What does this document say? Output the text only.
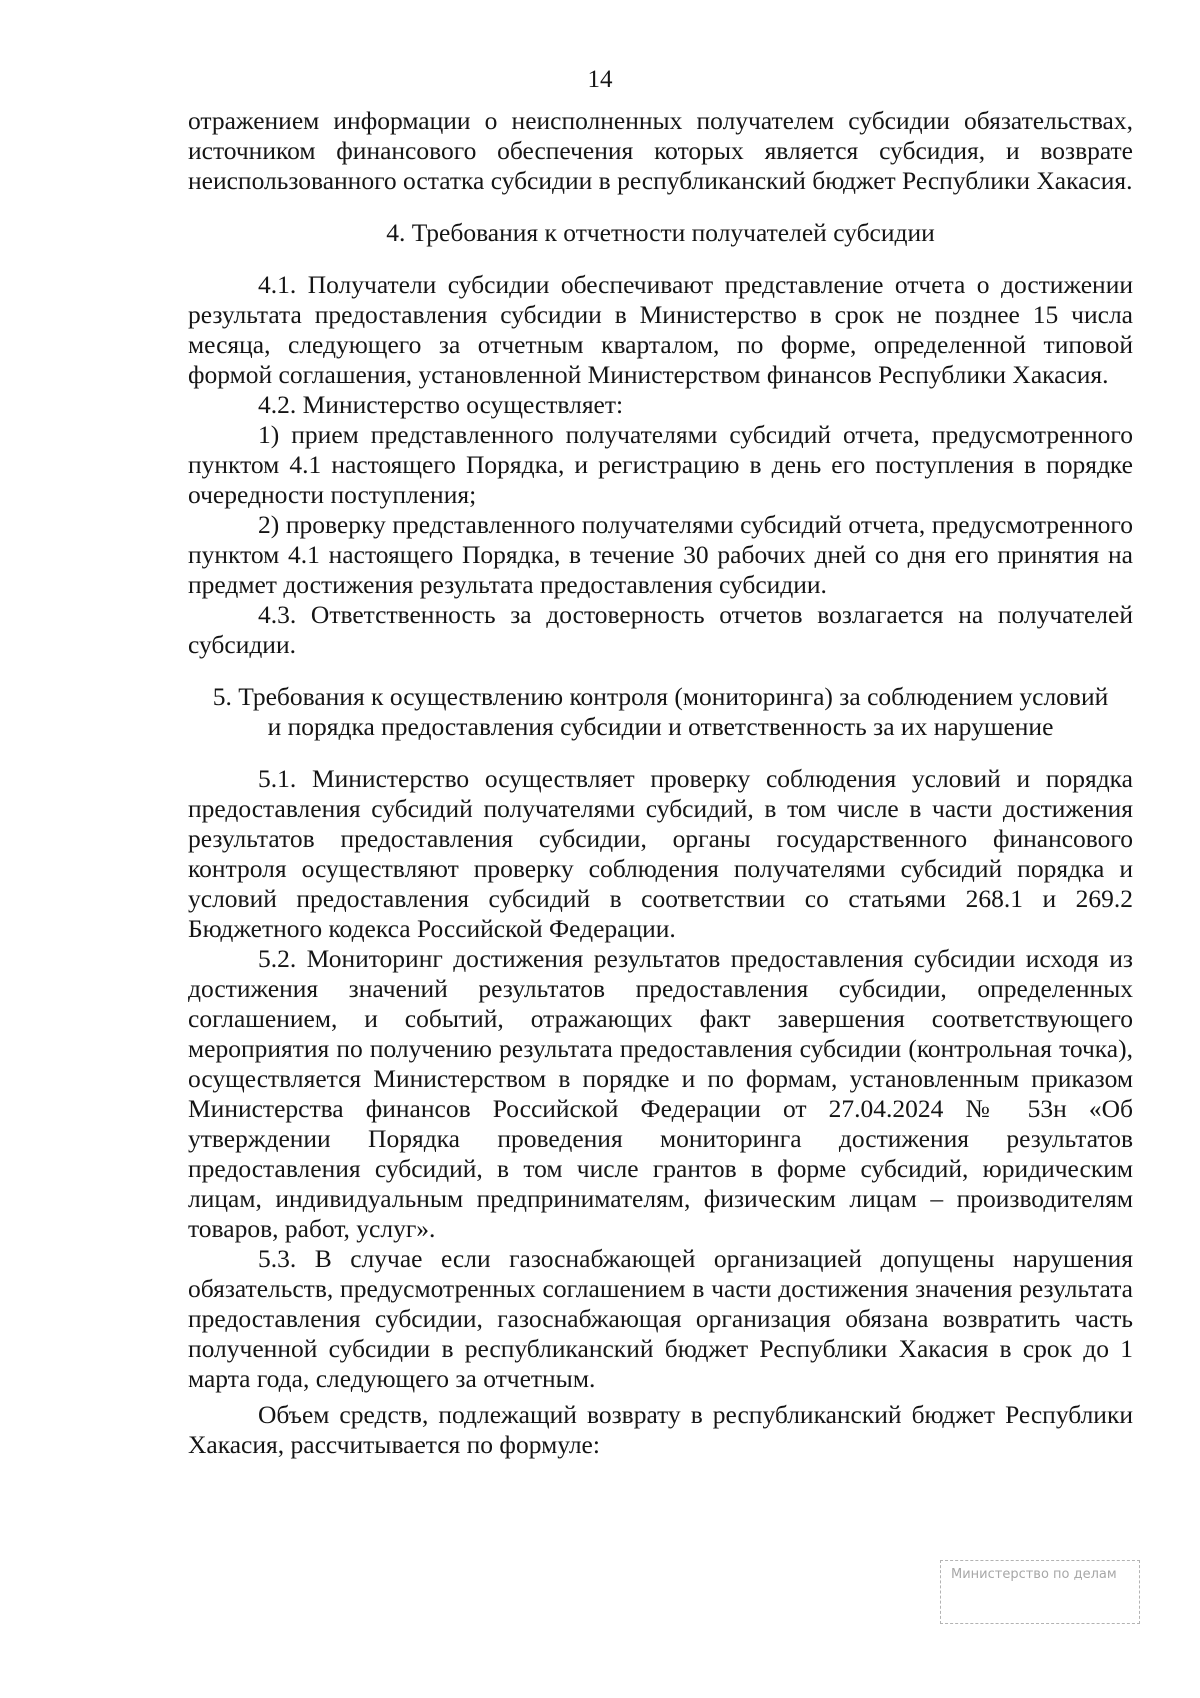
14

отражением информации о неисполненных получателем субсидии обязательствах, источником финансового обеспечения которых является субсидия, и возврате неиспользованного остатка субсидии в республиканский бюджет Республики Хакасия.

4. Требования к отчетности получателей субсидии

4.1. Получатели субсидии обеспечивают представление отчета о достижении результата предоставления субсидии в Министерство в срок не позднее 15 числа месяца, следующего за отчетным кварталом, по форме, определенной типовой формой соглашения, установленной Министерством финансов Республики Хакасия.

4.2. Министерство осуществляет:

1) прием представленного получателями субсидий отчета, предусмотренного пунктом 4.1 настоящего Порядка, и регистрацию в день его поступления в порядке очередности поступления;

2) проверку представленного получателями субсидий отчета, предусмотренного пунктом 4.1 настоящего Порядка, в течение 30 рабочих дней со дня его принятия на предмет достижения результата предоставления субсидии.

4.3. Ответственность за достоверность отчетов возлагается на получателей субсидии.

5. Требования к осуществлению контроля (мониторинга) за соблюдением условий
и порядка предоставления субсидии и ответственность за их нарушение

5.1. Министерство осуществляет проверку соблюдения условий и порядка предоставления субсидий получателями субсидий, в том числе в части достижения результатов предоставления субсидии, органы государственного финансового контроля осуществляют проверку соблюдения получателями субсидий порядка и условий предоставления субсидий в соответствии со статьями 268.1 и 269.2 Бюджетного кодекса Российской Федерации.

5.2. Мониторинг достижения результатов предоставления субсидии исходя из достижения значений результатов предоставления субсидии, определенных соглашением, и событий, отражающих факт завершения соответствующего мероприятия по получению результата предоставления субсидии (контрольная точка), осуществляется Министерством в порядке и по формам, установленным приказом Министерства финансов Российской Федерации от 27.04.2024 № 53н «Об утверждении Порядка проведения мониторинга достижения результатов предоставления субсидий, в том числе грантов в форме субсидий, юридическим лицам, индивидуальным предпринимателям, физическим лицам – производителям товаров, работ, услуг».

5.3. В случае если газоснабжающей организацией допущены нарушения обязательств, предусмотренных соглашением в части достижения значения результата предоставления субсидии, газоснабжающая организация обязана возвратить часть полученной субсидии в республиканский бюджет Республики Хакасия в срок до 1 марта года, следующего за отчетным.

Объем средств, подлежащий возврату в республиканский бюджет Республики Хакасия, рассчитывается по формуле:

Министерство по делам
